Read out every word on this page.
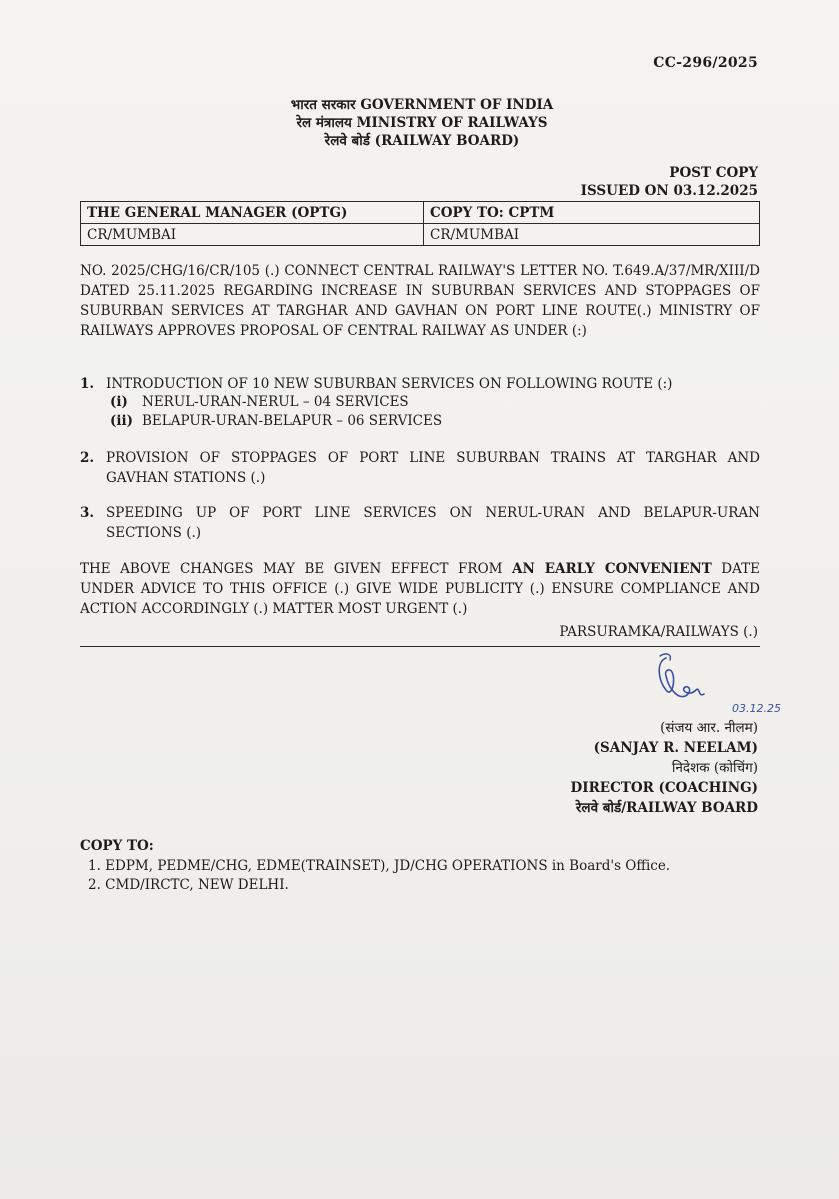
CC-296/2025
भारत सरकार GOVERNMENT OF INDIA
रेल मंत्रालय MINISTRY OF RAILWAYS
रेलवे बोर्ड (RAILWAY BOARD)
POST COPY
ISSUED ON 03.12.2025
THE GENERAL MANAGER (OPTG)	COPY TO: CPTM
CR/MUMBAI	CR/MUMBAI
NO. 2025/CHG/16/CR/105 (.) CONNECT CENTRAL RAILWAY'S LETTER NO. T.649.A/37/MR/XIII/D DATED 25.11.2025 REGARDING INCREASE IN SUBURBAN SERVICES AND STOPPAGES OF SUBURBAN SERVICES AT TARGHAR AND GAVHAN ON PORT LINE ROUTE(.) MINISTRY OF RAILWAYS APPROVES PROPOSAL OF CENTRAL RAILWAY AS UNDER (:)
1. INTRODUCTION OF 10 NEW SUBURBAN SERVICES ON FOLLOWING ROUTE (:)
(i) NERUL-URAN-NERUL – 04 SERVICES
(ii) BELAPUR-URAN-BELAPUR – 06 SERVICES
2. PROVISION OF STOPPAGES OF PORT LINE SUBURBAN TRAINS AT TARGHAR AND GAVHAN STATIONS (.)
3. SPEEDING UP OF PORT LINE SERVICES ON NERUL-URAN AND BELAPUR-URAN SECTIONS (.)
THE ABOVE CHANGES MAY BE GIVEN EFFECT FROM AN EARLY CONVENIENT DATE UNDER ADVICE TO THIS OFFICE (.) GIVE WIDE PUBLICITY (.) ENSURE COMPLIANCE AND ACTION ACCORDINGLY (.) MATTER MOST URGENT (.)
PARSURAMKA/RAILWAYS (.)
03.12.25
(संजय आर. नीलम)
(SANJAY R. NEELAM)
निदेशक (कोचिंग)
DIRECTOR (COACHING)
रेलवे बोर्ड/RAILWAY BOARD
COPY TO:
1. EDPM, PEDME/CHG, EDME(TRAINSET), JD/CHG OPERATIONS in Board's Office.
2. CMD/IRCTC, NEW DELHI.
